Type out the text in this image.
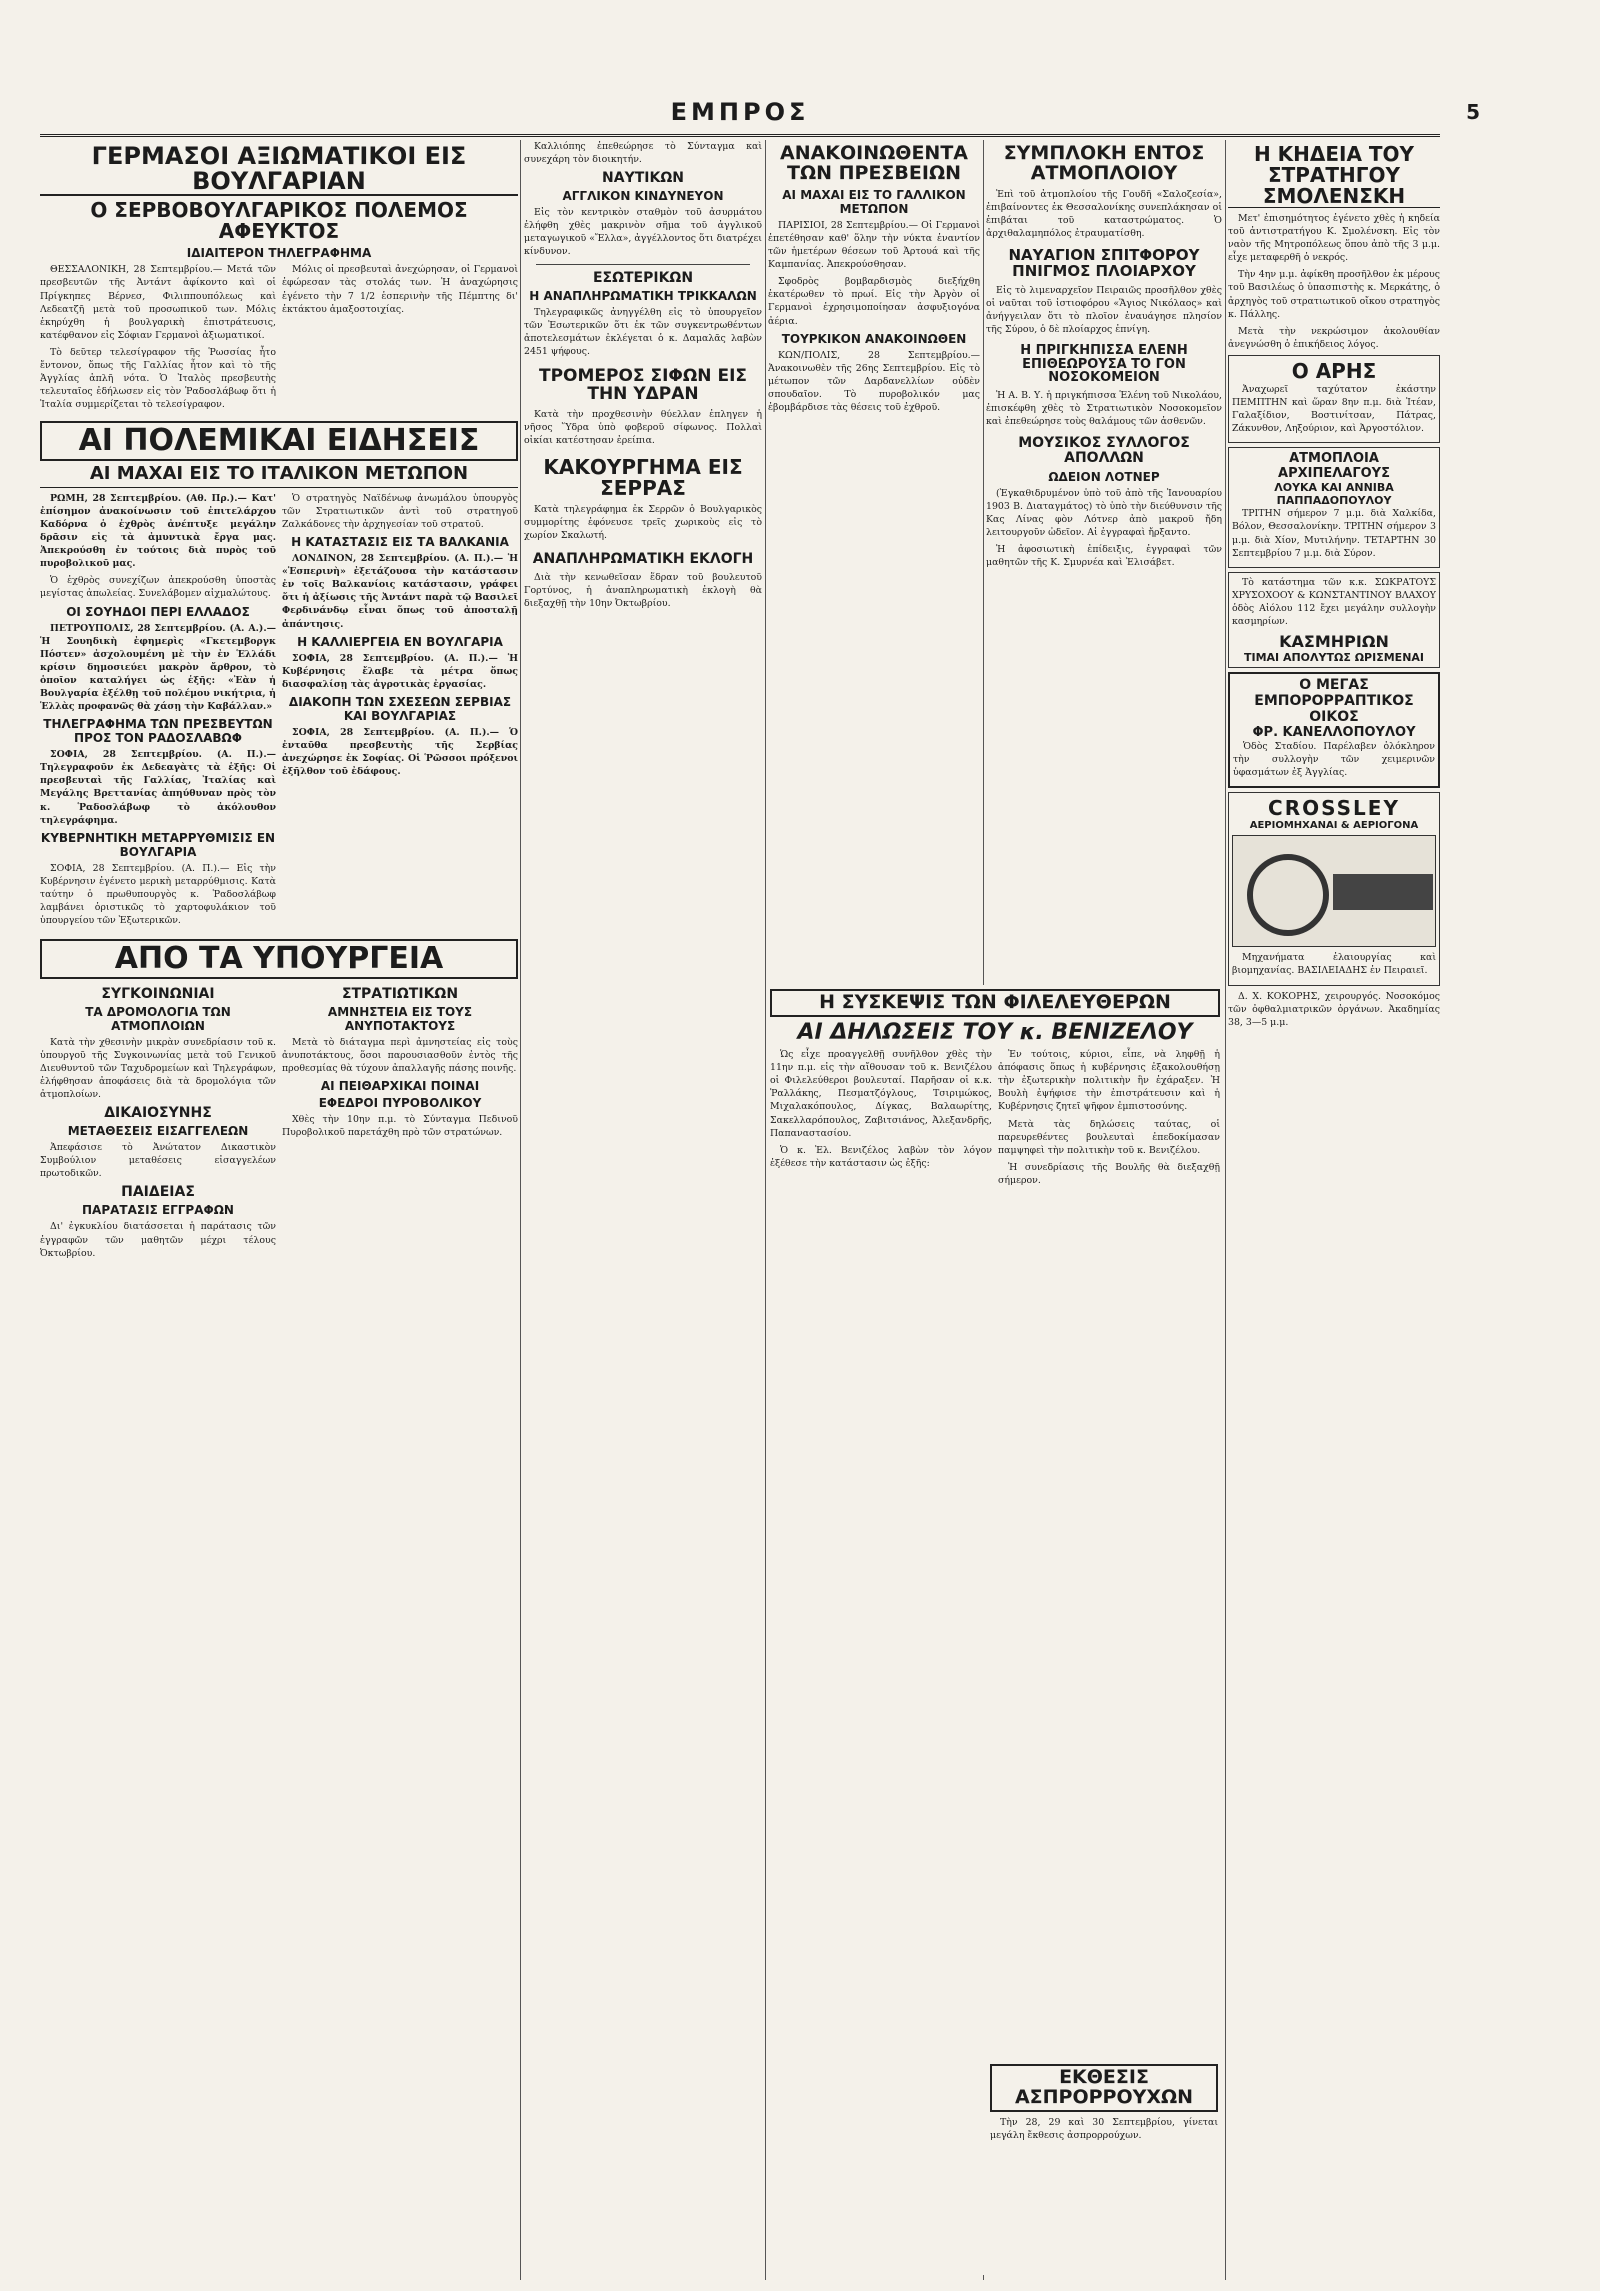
ΕΜΠΡΟΣ	5
ΓΕΡΜΑΣΟΙ ΑΞΙΩΜΑΤΙΚΟΙ ΕΙΣ ΒΟΥΛΓΑΡΙΑΝ
Ο ΣΕΡΒΟΒΟΥΛΓΑΡΙΚΟΣ ΠΟΛΕΜΟΣ ΑΦΕΥΚΤΟΣ
ΙΔΙΑΙΤΕΡΟΝ ΤΗΛΕΓΡΑΦΗΜΑ

ΘΕΣΣΑΛΟΝΙΚΗ, 28 Σεπτεμβρίου.— Μετά τῶν πρεσβευτῶν τῆς Ἀντάντ ἀφίκοντο καὶ οἱ Πρίγκηπες Βέρνεσ, Φιλιππουπόλεως καὶ Λεδεατζῆ μετὰ τοῦ προσωπικοῦ των. Μόλις ἐκηρύχθη ἡ βουλγαρικὴ ἐπιστράτευσις, κατέφθανον εἰς Σόφιαν Γερμανοὶ ἀξιωματικοί.

Τὸ δεῦτερ τελεσίγραφον τῆς Ῥωσσίας ἦτο ἔντονον, ὅπως τῆς Γαλλίας ἦτον καὶ τὸ τῆς Ἀγγλίας ἁπλῆ νότα. Ὁ Ἰταλὸς πρεσβευτὴς τελευταῖος ἐδήλωσεν εἰς τὸν Ῥαδοσλάβωφ ὅτι ἡ Ἰταλία συμμερίζεται τὸ τελεσίγραφον.

Μόλις οἱ πρεσβευταὶ ἀνεχώρησαν, οἱ Γερμανοὶ ἐφώρεσαν τὰς στολάς των. Ἡ ἀναχώρησις ἐγένετο τὴν 7 1/2 ἑσπερινὴν τῆς Πέμπτης δι' ἐκτάκτου ἀμαξοστοιχίας.

ΑΙ ΠΟΛΕΜΙΚΑΙ ΕΙΔΗΣΕΙΣ
ΑΙ ΜΑΧΑΙ ΕΙΣ ΤΟ ΙΤΑΛΙΚΟΝ ΜΕΤΩΠΟΝ

ΡΩΜΗ, 28 Σεπτεμβρίου. (Αθ. Πρ.).— Κατ' ἐπίσημον ἀνακοίνωσιν τοῦ ἐπιτελάρχου Καδόρνα ὁ ἐχθρὸς ἀνέπτυξε μεγάλην δρᾶσιν εἰς τὰ ἀμυντικὰ ἔργα μας. Ἀπεκρούσθη ἐν τούτοις διὰ πυρὸς τοῦ πυροβολικοῦ μας.

Ὁ ἐχθρὸς συνεχίζων ἀπεκρούσθη ὑποστὰς μεγίστας ἀπωλείας. Συνελάβομεν αἰχμαλώτους.

ΟΙ ΣΟΥΗΔΟΙ ΠΕΡΙ ΕΛΛΑΔΟΣ

ΠΕΤΡΟΥΠΟΛΙΣ, 28 Σεπτεμβρίου. (Α. Α.).— Ἡ Σουηδικὴ ἐφημερὶς «Γκετεμβοργκ Πόστεν» ἀσχολουμένη μὲ τὴν ἐν Ἑλλάδι κρίσιν δημοσιεύει μακρὸν ἄρθρον, τὸ ὁποῖον καταλήγει ὡς ἑξῆς: «Ἐὰν ἡ Βουλγαρία ἐξέλθῃ τοῦ πολέμου νικήτρια, ἡ Ἑλλὰς προφανῶς θὰ χάσῃ τὴν Καβάλλαν.»

ΤΗΛΕΓΡΑΦΗΜΑ ΤΩΝ ΠΡΕΣΒΕΥΤΩΝ ΠΡΟΣ ΤΟΝ ΡΑΔΟΣΛΑΒΩΦ

ΣΟΦΙΑ, 28 Σεπτεμβρίου. (Α. Π.).— Τηλεγραφοῦν ἐκ Δεδεαγὰτς τὰ ἑξῆς: Οἱ πρεσβευταὶ τῆς Γαλλίας, Ἰταλίας καὶ Μεγάλης Βρεττανίας ἀπηύθυναν πρὸς τὸν κ. Ῥαδοσλάβωφ τὸ ἀκόλουθον τηλεγράφημα.

ΚΥΒΕΡΝΗΤΙΚΗ ΜΕΤΑΡΡΥΘΜΙΣΙΣ ΕΝ ΒΟΥΛΓΑΡΙΑ

ΣΟΦΙΑ, 28 Σεπτεμβρίου. (Α. Π.).— Εἰς τὴν Κυβέρνησιν ἐγένετο μερικὴ μεταρρύθμισις. Κατὰ ταύτην ὁ πρωθυπουργὸς κ. Ῥαδοσλάβωφ λαμβάνει ὁριστικῶς τὸ χαρτοφυλάκιον τοῦ ὑπουργείου τῶν Ἐξωτερικῶν.

Ὁ στρατηγὸς Ναϊδένωφ ἀνωμάλου ὑπουργὸς τῶν Στρατιωτικῶν ἀντὶ τοῦ στρατηγοῦ Ζαλκάδονες τὴν ἀρχηγεσίαν τοῦ στρατοῦ.

Η ΚΑΤΑΣΤΑΣΙΣ ΕΙΣ ΤΑ ΒΑΛΚΑΝΙΑ

ΛΟΝΔΙΝΟΝ, 28 Σεπτεμβρίου. (Α. Π.).— Ἡ «Ἑσπερινὴ» ἐξετάζουσα τὴν κατάστασιν ἐν τοῖς Βαλκανίοις κατάστασιν, γράφει ὅτι ἡ ἀξίωσις τῆς Ἀντάντ παρὰ τῷ Βασιλεῖ Φερδινάνδῳ εἶναι ὅπως τοῦ ἀποσταλῇ ἀπάντησις.

Η ΚΑΛΛΙΕΡΓΕΙΑ ΕΝ ΒΟΥΛΓΑΡΙΑ

ΣΟΦΙΑ, 28 Σεπτεμβρίου. (Α. Π.).— Ἡ Κυβέρνησις ἔλαβε τὰ μέτρα ὅπως διασφαλίσῃ τὰς ἀγροτικὰς ἐργασίας.

ΔΙΑΚΟΠΗ ΤΩΝ ΣΧΕΣΕΩΝ ΣΕΡΒΙΑΣ ΚΑΙ ΒΟΥΛΓΑΡΙΑΣ

ΣΟΦΙΑ, 28 Σεπτεμβρίου. (Α. Π.).— Ὁ ἐνταῦθα πρεσβευτὴς τῆς Σερβίας ἀνεχώρησε ἐκ Σοφίας. Οἱ Ῥῶσσοι πρόξενοι ἐξῆλθον τοῦ ἐδάφους.

ΑΠΟ ΤΑ ΥΠΟΥΡΓΕΙΑ
ΣΥΓΚΟΙΝΩΝΙΑΙ
ΤΑ ΔΡΟΜΟΛΟΓΙΑ ΤΩΝ ΑΤΜΟΠΛΟΙΩΝ

Κατὰ τὴν χθεσινὴν μικρὰν συνεδρίασιν τοῦ κ. ὑπουργοῦ τῆς Συγκοινωνίας μετὰ τοῦ Γενικοῦ Διευθυντοῦ τῶν Ταχυδρομείων καὶ Τηλεγράφων, ἐλήφθησαν ἀποφάσεις διὰ τὰ δρομολόγια τῶν ἀτμοπλοίων.

ΔΙΚΑΙΟΣΥΝΗΣ
ΜΕΤΑΘΕΣΕΙΣ ΕΙΣΑΓΓΕΛΕΩΝ

Ἀπεφάσισε τὸ Ἀνώτατον Δικαστικὸν Συμβούλιον μεταθέσεις εἰσαγγελέων πρωτοδικῶν.

ΠΑΙΔΕΙΑΣ
ΠΑΡΑΤΑΣΙΣ ΕΓΓΡΑΦΩΝ

Δι' ἐγκυκλίου διατάσσεται ἡ παράτασις τῶν ἐγγραφῶν τῶν μαθητῶν μέχρι τέλους Ὀκτωβρίου.

ΣΤΡΑΤΙΩΤΙΚΩΝ
ΑΜΝΗΣΤΕΙΑ ΕΙΣ ΤΟΥΣ ΑΝΥΠΟΤΑΚΤΟΥΣ

Μετὰ τὸ διάταγμα περὶ ἀμνηστείας εἰς τοὺς ἀνυποτάκτους, ὅσοι παρουσιασθοῦν ἐντὸς τῆς προθεσμίας θὰ τύχουν ἀπαλλαγῆς πάσης ποινῆς.

ΑΙ ΠΕΙΘΑΡΧΙΚΑΙ ΠΟΙΝΑΙ
ΕΦΕΔΡΟΙ ΠΥΡΟΒΟΛΙΚΟΥ

Χθὲς τὴν 10ην π.μ. τὸ Σύνταγμα Πεδινοῦ Πυροβολικοῦ παρετάχθη πρὸ τῶν στρατώνων.

Καλλιόπης ἐπεθεώρησε τὸ Σύνταγμα καὶ συνεχάρη τὸν διοικητήν.

ΝΑΥΤΙΚΩΝ
ΑΓΓΛΙΚΟΝ ΚΙΝΔΥΝΕΥΟΝ

Εἰς τὸν κεντρικὸν σταθμὸν τοῦ ἀσυρμάτου ἐλήφθη χθὲς μακρινὸν σῆμα τοῦ ἀγγλικοῦ μεταγωγικοῦ «Ἔλλα», ἀγγέλλοντος ὅτι διατρέχει κίνδυνον.

ΕΣΩΤΕΡΙΚΩΝ
Η ΑΝΑΠΛΗΡΩΜΑΤΙΚΗ ΤΡΙΚΚΑΛΩΝ

Τηλεγραφικῶς ἀνηγγέλθη εἰς τὸ ὑπουργεῖον τῶν Ἐσωτερικῶν ὅτι ἐκ τῶν συγκεντρωθέντων ἀποτελεσμάτων ἐκλέγεται ὁ κ. Δαμαλᾶς λαβὼν 2451 ψήφους.

ΤΡΟΜΕΡΟΣ ΣΙΦΩΝ ΕΙΣ ΤΗΝ ΥΔΡΑΝ

Κατὰ τὴν προχθεσινὴν θύελλαν ἐπληγεν ἡ νῆσος Ὕδρα ὑπὸ φοβεροῦ σίφωνος. Πολλαὶ οἰκίαι κατέστησαν ἐρείπια.

ΚΑΚΟΥΡΓΗΜΑ ΕΙΣ ΣΕΡΡΑΣ

Κατὰ τηλεγράφημα ἐκ Σερρῶν ὁ Βουλγαρικὸς συμμορίτης ἐφόνευσε τρεῖς χωρικοὺς εἰς τὸ χωρίον Σκαλωτή.

ΑΝΑΠΛΗΡΩΜΑΤΙΚΗ ΕΚΛΟΓΗ

Διὰ τὴν κενωθεῖσαν ἕδραν τοῦ βουλευτοῦ Γορτύνος, ἡ ἀναπληρωματικὴ ἐκλογὴ θὰ διεξαχθῇ τὴν 10ην Ὀκτωβρίου.

ΑΝΑΚΟΙΝΩΘΕΝΤΑ ΤΩΝ ΠΡΕΣΒΕΙΩΝ
ΑΙ ΜΑΧΑΙ ΕΙΣ ΤΟ ΓΑΛΛΙΚΟΝ ΜΕΤΩΠΟΝ

ΠΑΡΙΣΙΟΙ, 28 Σεπτεμβρίου.— Οἱ Γερμανοὶ ἐπετέθησαν καθ' ὅλην τὴν νύκτα ἐναντίον τῶν ἡμετέρων θέσεων τοῦ Ἀρτουά καὶ τῆς Καμπανίας. Ἀπεκρούσθησαν.

Σφοδρὸς βομβαρδισμὸς διεξήχθη ἑκατέρωθεν τὸ πρωί. Εἰς τὴν Ἀργὸν οἱ Γερμανοὶ ἐχρησιμοποίησαν ἀσφυξιογόνα ἀέρια.

ΤΟΥΡΚΙΚΟΝ ΑΝΑΚΟΙΝΩΘΕΝ

ΚΩΝ/ΠΟΛΙΣ, 28 Σεπτεμβρίου.— Ἀνακοινωθὲν τῆς 26ης Σεπτεμβρίου. Εἰς τὸ μέτωπον τῶν Δαρδανελλίων οὐδὲν σπουδαῖον. Τὸ πυροβολικόν μας ἐβομβάρδισε τὰς θέσεις τοῦ ἐχθροῦ.

ΣΥΜΠΛΟΚΗ ΕΝΤΟΣ ΑΤΜΟΠΛΟΙΟΥ

Ἐπὶ τοῦ ἀτμοπλοίου τῆς Γουδῆ «Σαλοζεσία», ἐπιβαίνοντες ἐκ Θεσσαλονίκης συνεπλάκησαν οἱ ἐπιβάται τοῦ καταστρώματος. Ὁ ἀρχιθαλαμηπόλος ἐτραυματίσθη.

ΝΑΥΑΓΙΟΝ ΣΠΙΤΦΟΡΟΥ ΠΝΙΓΜΟΣ ΠΛΟΙΑΡΧΟΥ

Εἰς τὸ λιμεναρχεῖον Πειραιῶς προσῆλθον χθὲς οἱ ναῦται τοῦ ἰστιοφόρου «Ἅγιος Νικόλαος» καὶ ἀνήγγειλαν ὅτι τὸ πλοῖον ἐναυάγησε πλησίον τῆς Σύρου, ὁ δὲ πλοίαρχος ἐπνίγη.

Η ΠΡΙΓΚΗΠΙΣΣΑ ΕΛΕΝΗ ΕΠΙΘΕΩΡΟΥΣΑ ΤΟ ΓΟΝ ΝΟΣΟΚΟΜΕΙΟΝ

Ἡ Α. Β. Υ. ἡ πριγκήπισσα Ἑλένη τοῦ Νικολάου, ἐπισκέφθη χθὲς τὸ Στρατιωτικὸν Νοσοκομεῖον καὶ ἐπεθεώρησε τοὺς θαλάμους τῶν ἀσθενῶν.

ΜΟΥΣΙΚΟΣ ΣΥΛΛΟΓΟΣ ΑΠΟΛΛΩΝ
ΩΔΕΙΟΝ ΛΟΤΝΕΡ

(Ἐγκαθιδρυμένον ὑπὸ τοῦ ἀπὸ τῆς Ἰανουαρίου 1903 Β. Διαταγμάτος) τὸ ὑπὸ τὴν διεύθυνσιν τῆς Κας Λίνας φὸν Λότνερ ἀπὸ μακροῦ ἤδη λειτουργοῦν ὠδεῖον. Αἱ ἐγγραφαὶ ἤρξαντο.

Ἡ ἀφοσιωτικὴ ἐπίδειξις, ἐγγραφαὶ τῶν μαθητῶν τῆς Κ. Σμυρνέα καὶ Ἐλισάβετ.

Η ΣΥΣΚΕΨΙΣ ΤΩΝ ΦΙΛΕΛΕΥΘΕΡΩΝ
ΑΙ ΔΗΛΩΣΕΙΣ ΤΟΥ κ. ΒΕΝΙΖΕΛΟΥ

Ὡς εἶχε προαγγελθῇ συνῆλθον χθὲς τὴν 11ην π.μ. εἰς τὴν αἴθουσαν τοῦ κ. Βενιζέλου οἱ Φιλελεύθεροι βουλευταί. Παρῆσαν οἱ κ.κ. Ῥαλλάκης, Πεσματζόγλους, Τσιριμώκος, Μιχαλακόπουλος, Δίγκας, Βαλαωρίτης, Σακελλαρόπουλος, Ζαβιτσιάνος, Ἀλεξανδρῆς, Παπαναστασίου.

Ὁ κ. Ἐλ. Βενιζέλος λαβὼν τὸν λόγον ἐξέθεσε τὴν κατάστασιν ὡς ἐξῆς:

Ἐν τούτοις, κύριοι, εἶπε, νὰ ληφθῇ ἡ ἀπόφασις ὅπως ἡ κυβέρνησις ἐξακολουθήσῃ τὴν ἐξωτερικὴν πολιτικὴν ἣν ἐχάραξεν. Ἡ Βουλὴ ἐψήφισε τὴν ἐπιστράτευσιν καὶ ἡ Κυβέρνησις ζητεῖ ψῆφον ἐμπιστοσύνης.

Μετὰ τὰς δηλώσεις ταύτας, οἱ παρευρεθέντες βουλευταὶ ἐπεδοκίμασαν παμψηφεὶ τὴν πολιτικὴν τοῦ κ. Βενιζέλου.

Ἡ συνεδρίασις τῆς Βουλῆς θὰ διεξαχθῇ σήμερον.

ΕΚΘΕΣΙΣ ΑΣΠΡΟΡΡΟΥΧΩΝ

Τὴν 28, 29 καὶ 30 Σεπτεμβρίου, γίνεται μεγάλη ἔκθεσις ἀσπρορρούχων.

Η ΚΗΔΕΙΑ ΤΟΥ ΣΤΡΑΤΗΓΟΥ ΣΜΟΛΕΝΣΚΗ

Μετ' ἐπισημότητος ἐγένετο χθὲς ἡ κηδεία τοῦ ἀντιστρατήγου Κ. Σμολένσκη. Εἰς τὸν ναὸν τῆς Μητροπόλεως ὅπου ἀπὸ τῆς 3 μ.μ. εἶχε μεταφερθῆ ὁ νεκρός.

Τὴν 4ην μ.μ. ἀφίκθη προσῆλθον ἐκ μέρους τοῦ Βασιλέως ὁ ὑπασπιστὴς κ. Μερκάτης, ὁ ἀρχηγὸς τοῦ στρατιωτικοῦ οἴκου στρατηγὸς κ. Πάλλης.

Μετὰ τὴν νεκρώσιμον ἀκολουθίαν ἀνεγνώσθη ὁ ἐπικήδειος λόγος.

Ο ΑΡΗΣ

Ἀναχωρεῖ ταχύτατον ἐκάστην ΠΕΜΠΤΗΝ καὶ ὥραν 8ην π.μ. διὰ Ἰτέαν, Γαλαξίδιον, Βοστινίτσαν, Πάτρας, Ζάκυνθον, Ληξούριον, καὶ Ἀργοστόλιον.

ΑΤΜΟΠΛΟΙΑ ΑΡΧΙΠΕΛΑΓΟΥΣ
ΛΟΥΚΑ ΚΑΙ ΑΝΝΙΒΑ ΠΑΠΠΑΔΟΠΟΥΛΟΥ

ΤΡΙΤΗΝ σήμερον 7 μ.μ. διὰ Χαλκίδα, Βόλον, Θεσσαλονίκην. ΤΡΙΤΗΝ σήμερον 3 μ.μ. διὰ Χίον, Μυτιλήνην. ΤΕΤΑΡΤΗΝ 30 Σεπτεμβρίου 7 μ.μ. διὰ Σύρον.

Τὸ κατάστημα τῶν κ.κ. ΣΩΚΡΑΤΟΥΣ ΧΡΥΣΟΧΟΟΥ & ΚΩΝΣΤΑΝΤΙΝΟΥ ΒΛΑΧΟΥ ὁδὸς Αἰόλου 112 ἔχει μεγάλην συλλογὴν κασμηρίων.

ΚΑΣΜΗΡΙΩΝ
ΤΙΜΑΙ ΑΠΟΛΥΤΩΣ ΩΡΙΣΜΕΝΑΙ
Ο ΜΕΓΑΣ ΕΜΠΟΡΟΡΡΑΠΤΙΚΟΣ ΟΙΚΟΣ
ΦΡ. ΚΑΝΕΛΛΟΠΟΥΛΟΥ

Ὁδὸς Σταδίου. Παρέλαβεν ὁλόκληρον τὴν συλλογὴν τῶν χειμερινῶν ὑφασμάτων ἐξ Ἀγγλίας.

CROSSLEY
ΑΕΡΙΟΜΗΧΑΝΑΙ & ΑΕΡΙΟΓΟΝΑ

Μηχανήματα ἐλαιουργίας καὶ βιομηχανίας. ΒΑΣΙΛΕΙΑΔΗΣ ἐν Πειραιεῖ.

Δ. Χ. ΚΟΚΟΡΗΣ, χειρουργός. Νοσοκόμος τῶν ὀφθαλμιατρικῶν ὀργάνων. Ἀκαδημίας 38, 3—5 μ.μ.
